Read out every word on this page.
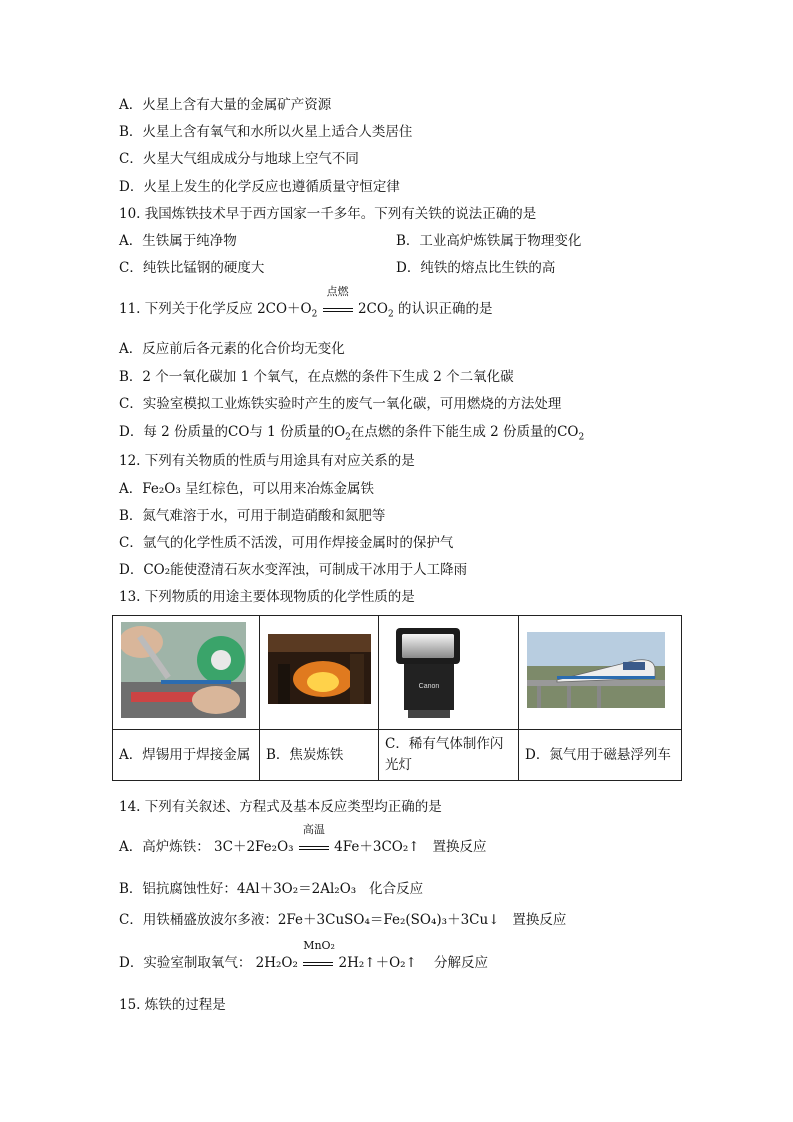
A．火星上含有大量的金属矿产资源
B．火星上含有氧气和水所以火星上适合人类居住
C．火星大气组成成分与地球上空气不同
D．火星上发生的化学反应也遵循质量守恒定律
10. 我国炼铁技术早于西方国家一千多年。下列有关铁的说法正确的是
A．生铁属于纯净物	B．工业高炉炼铁属于物理变化
C．纯铁比锰钢的硬度大	D．纯铁的熔点比生铁的高
11. 下列关于化学反应 $2CO+O_2$
点燃
$2CO_2$ 的认识正确的是
A．反应前后各元素的化合价均无变化
B．2 个一氧化碳加 1 个氧气，在点燃的条件下生成 2 个二氧化碳
C．实验室模拟工业炼铁实验时产生的废气一氧化碳，可用燃烧的方法处理
D．每 2 份质量的CO与 1 份质量的$O_2$在点燃的条件下能生成 2 份质量的$CO_2$
12. 下列有关物质的性质与用途具有对应关系的是
A．Fe₂O₃ 呈红棕色，可以用来冶炼金属铁
B．氮气难溶于水，可用于制造硝酸和氮肥等
C．氩气的化学性质不活泼，可用作焊接金属时的保护气
D．CO₂能使澄清石灰水变浑浊，可制成干冰用于人工降雨
13. 下列物质的用途主要体现物质的化学性质的是

Canon

A．焊锡用于焊接金属	B．焦炭炼铁	C．稀有气体制作闪光灯	D．氮气用于磁悬浮列车
14. 下列有关叙述、方程式及基本反应类型均正确的是
A．高炉炼铁： 3C＋2Fe₂O₃
高温
4Fe＋3CO₂↑ 置换反应
B．铝抗腐蚀性好：4Al＋3O₂＝2Al₂O₃ 化合反应
C．用铁桶盛放波尔多液：2Fe＋3CuSO₄＝Fe₂(SO₄)₃＋3Cu↓ 置换反应
D．实验室制取氧气： 2H₂O₂
MnO₂
2H₂↑＋O₂↑ 分解反应
15. 炼铁的过程是
